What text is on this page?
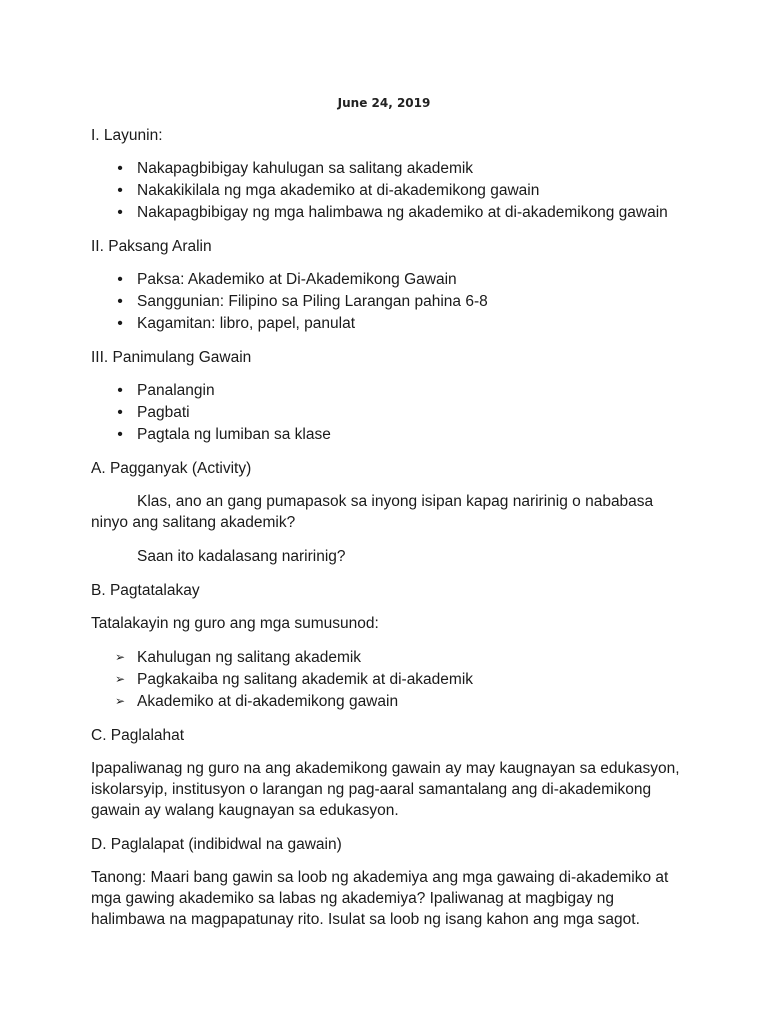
June 24, 2019
I. Layunin:
•
Nakapagbibigay kahulugan sa salitang akademik
•
Nakakikilala ng mga akademiko at di-akademikong gawain
•
Nakapagbibigay ng mga halimbawa ng akademiko at di-akademikong gawain
II. Paksang Aralin
•
Paksa: Akademiko at Di-Akademikong Gawain
•
Sanggunian: Filipino sa Piling Larangan pahina 6-8
•
Kagamitan: libro, papel, panulat
III. Panimulang Gawain
•
Panalangin
•
Pagbati
•
Pagtala ng lumiban sa klase
A. Pagganyak (Activity)

Klas, ano an gang pumapasok sa inyong isipan kapag naririnig o nababasa ninyo ang salitang akademik?

Saan ito kadalasang naririnig?

B. Pagtatalakay

Tatalakayin ng guro ang mga sumusunod:

➢
Kahulugan ng salitang akademik
➢
Pagkakaiba ng salitang akademik at di-akademik
➢
Akademiko at di-akademikong gawain
C. Paglalahat

Ipapaliwanag ng guro na ang akademikong gawain ay may kaugnayan sa edukasyon, iskolarsyip, institusyon o larangan ng pag-aaral samantalang ang di-akademikong gawain ay walang kaugnayan sa edukasyon.

D. Paglalapat (indibidwal na gawain)

Tanong: Maari bang gawin sa loob ng akademiya ang mga gawaing di-akademiko at mga gawing akademiko sa labas ng akademiya? Ipaliwanag at magbigay ng halimbawa na magpapatunay rito. Isulat sa loob ng isang kahon ang mga sagot.
